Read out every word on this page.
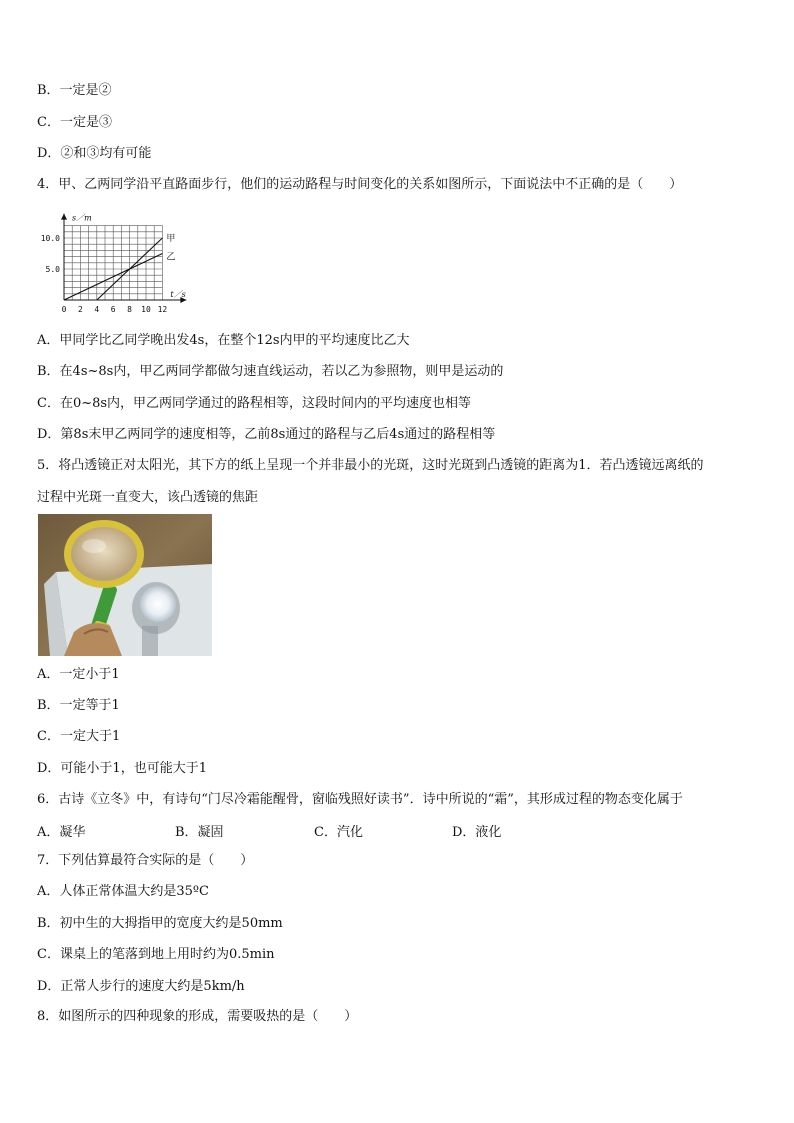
B．一定是②
C．一定是③
D．②和③均有可能
4．甲、乙两同学沿平直路面步行，他们的运动路程与时间变化的关系如图所示，下面说法中不正确的是（　　）
0 2 4 6 8 10 12
5.0
10.0
s／m
t／s
甲
乙
A．甲同学比乙同学晚出发4s，在整个12s内甲的平均速度比乙大
B．在4s~8s内，甲乙两同学都做匀速直线运动，若以乙为参照物，则甲是运动的
C．在0~8s内，甲乙两同学通过的路程相等，这段时间内的平均速度也相等
D．第8s末甲乙两同学的速度相等，乙前8s通过的路程与乙后4s通过的路程相等
5．将凸透镜正对太阳光，其下方的纸上呈现一个并非最小的光斑，这时光斑到凸透镜的距离为1．若凸透镜远离纸的
过程中光斑一直变大，该凸透镜的焦距
A．一定小于1
B．一定等于1
C．一定大于1
D．可能小于1，也可能大于1
6．古诗《立冬》中，有诗句“门尽冷霜能醒骨，窗临残照好读书”．诗中所说的“霜”，其形成过程的物态变化属于
A．凝华	B．凝固	C．汽化	D．液化
7．下列估算最符合实际的是（　　）
A．人体正常体温大约是35ºC
B．初中生的大拇指甲的宽度大约是50mm
C．课桌上的笔落到地上用时约为0.5min
D．正常人步行的速度大约是5km/h
8．如图所示的四种现象的形成，需要吸热的是（　　）
